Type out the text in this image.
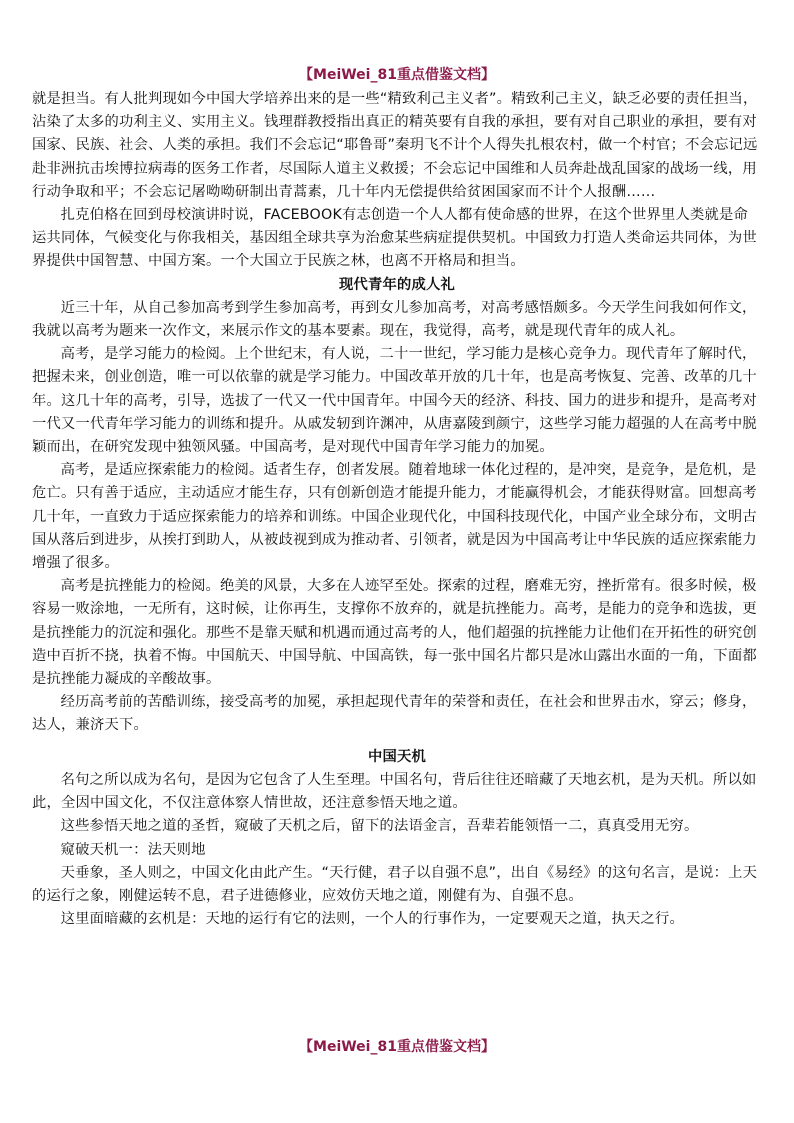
【MeiWei_81重点借鉴文档】

就是担当。有人批判现如今中国大学培养出来的是一些“精致利己主义者”。精致利己主义，缺乏必要的责任担当，沾染了太多的功利主义、实用主义。钱理群教授指出真正的精英要有自我的承担，要有对自己职业的承担，要有对国家、民族、社会、人类的承担。我们不会忘记“耶鲁哥”秦玥飞不计个人得失扎根农村，做一个村官；不会忘记远赴非洲抗击埃博拉病毒的医务工作者，尽国际人道主义救援；不会忘记中国维和人员奔赴战乱国家的战场一线，用行动争取和平；不会忘记屠呦呦研制出青蒿素，几十年内无偿提供给贫困国家而不计个人报酬……

扎克伯格在回到母校演讲时说，FACEBOOK有志创造一个人人都有使命感的世界，在这个世界里人类就是命运共同体，气候变化与你我相关，基因组全球共享为治愈某些病症提供契机。中国致力打造人类命运共同体，为世界提供中国智慧、中国方案。一个大国立于民族之林，也离不开格局和担当。

现代青年的成人礼

近三十年，从自己参加高考到学生参加高考，再到女儿参加高考，对高考感悟颇多。今天学生问我如何作文，我就以高考为题来一次作文，来展示作文的基本要素。现在，我觉得，高考，就是现代青年的成人礼。

高考，是学习能力的检阅。上个世纪末，有人说，二十一世纪，学习能力是核心竞争力。现代青年了解时代，把握未来，创业创造，唯一可以依靠的就是学习能力。中国改革开放的几十年，也是高考恢复、完善、改革的几十年。这几十年的高考，引导，选拔了一代又一代中国青年。中国今天的经济、科技、国力的进步和提升，是高考对一代又一代青年学习能力的训练和提升。从戚发轫到许渊冲，从唐嘉陵到颜宁，这些学习能力超强的人在高考中脱颖而出，在研究发现中独领风骚。中国高考，是对现代中国青年学习能力的加冕。

高考，是适应探索能力的检阅。适者生存，创者发展。随着地球一体化过程的，是冲突，是竞争，是危机，是危亡。只有善于适应，主动适应才能生存，只有创新创造才能提升能力，才能赢得机会，才能获得财富。回想高考几十年，一直致力于适应探索能力的培养和训练。中国企业现代化，中国科技现代化，中国产业全球分布，文明古国从落后到进步，从挨打到助人，从被歧视到成为推动者、引领者，就是因为中国高考让中华民族的适应探索能力增强了很多。

高考是抗挫能力的检阅。绝美的风景，大多在人迹罕至处。探索的过程，磨难无穷，挫折常有。很多时候，极容易一败涂地，一无所有，这时候，让你再生，支撑你不放弃的，就是抗挫能力。高考，是能力的竞争和选拔，更是抗挫能力的沉淀和强化。那些不是靠天赋和机遇而通过高考的人，他们超强的抗挫能力让他们在开拓性的研究创造中百折不挠，执着不悔。中国航天、中国导航、中国高铁，每一张中国名片都只是冰山露出水面的一角，下面都是抗挫能力凝成的辛酸故事。

经历高考前的苦酷训练，接受高考的加冕，承担起现代青年的荣誉和责任，在社会和世界击水，穿云；修身，达人，兼济天下。

中国天机

名句之所以成为名句，是因为它包含了人生至理。中国名句，背后往往还暗藏了天地玄机，是为天机。所以如此，全因中国文化，不仅注意体察人情世故，还注意参悟天地之道。

这些参悟天地之道的圣哲，窥破了天机之后，留下的法语金言，吾辈若能领悟一二，真真受用无穷。

窥破天机一：法天则地

天垂象，圣人则之，中国文化由此产生。“天行健，君子以自强不息”，出自《易经》的这句名言，是说：上天的运行之象，刚健运转不息，君子进德修业，应效仿天地之道，刚健有为、自强不息。

这里面暗藏的玄机是：天地的运行有它的法则，一个人的行事作为，一定要观天之道，执天之行。

【MeiWei_81重点借鉴文档】
